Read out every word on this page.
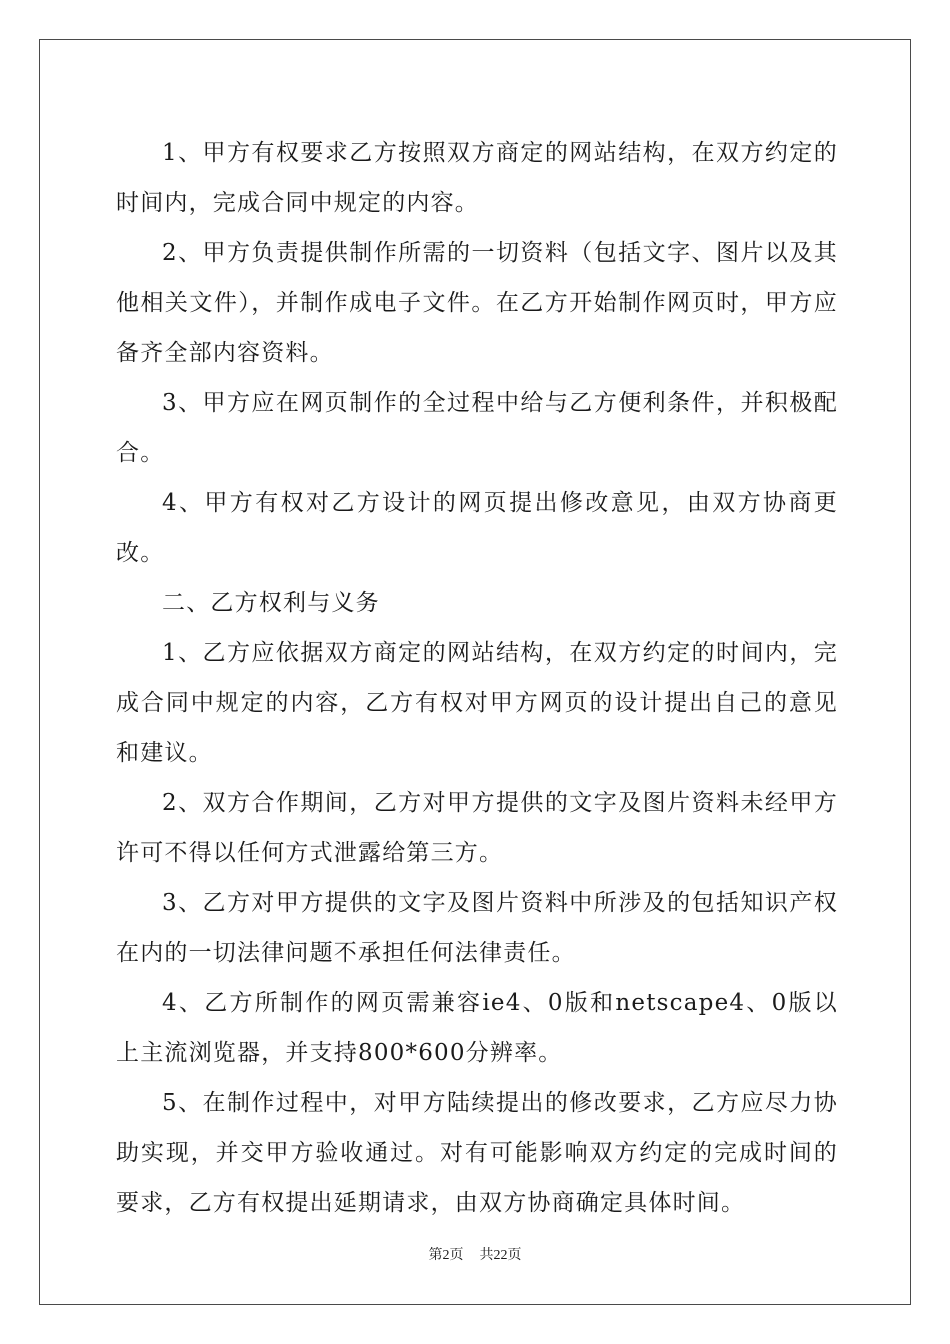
1、甲方有权要求乙方按照双方商定的网站结构，在双方约定的时间内，完成合同中规定的内容。

2、甲方负责提供制作所需的一切资料（包括文字、图片以及其他相关文件），并制作成电子文件。在乙方开始制作网页时，甲方应备齐全部内容资料。

3、甲方应在网页制作的全过程中给与乙方便利条件，并积极配合。

4、甲方有权对乙方设计的网页提出修改意见，由双方协商更改。

二、乙方权利与义务

1、乙方应依据双方商定的网站结构，在双方约定的时间内，完成合同中规定的内容，乙方有权对甲方网页的设计提出自己的意见和建议。

2、双方合作期间，乙方对甲方提供的文字及图片资料未经甲方许可不得以任何方式泄露给第三方。

3、乙方对甲方提供的文字及图片资料中所涉及的包括知识产权在内的一切法律问题不承担任何法律责任。

4、乙方所制作的网页需兼容ie4、0版和netscape4、0版以上主流浏览器，并支持800*600分辨率。

5、在制作过程中，对甲方陆续提出的修改要求，乙方应尽力协助实现，并交甲方验收通过。对有可能影响双方约定的完成时间的要求，乙方有权提出延期请求，由双方协商确定具体时间。

第2页 共22页
